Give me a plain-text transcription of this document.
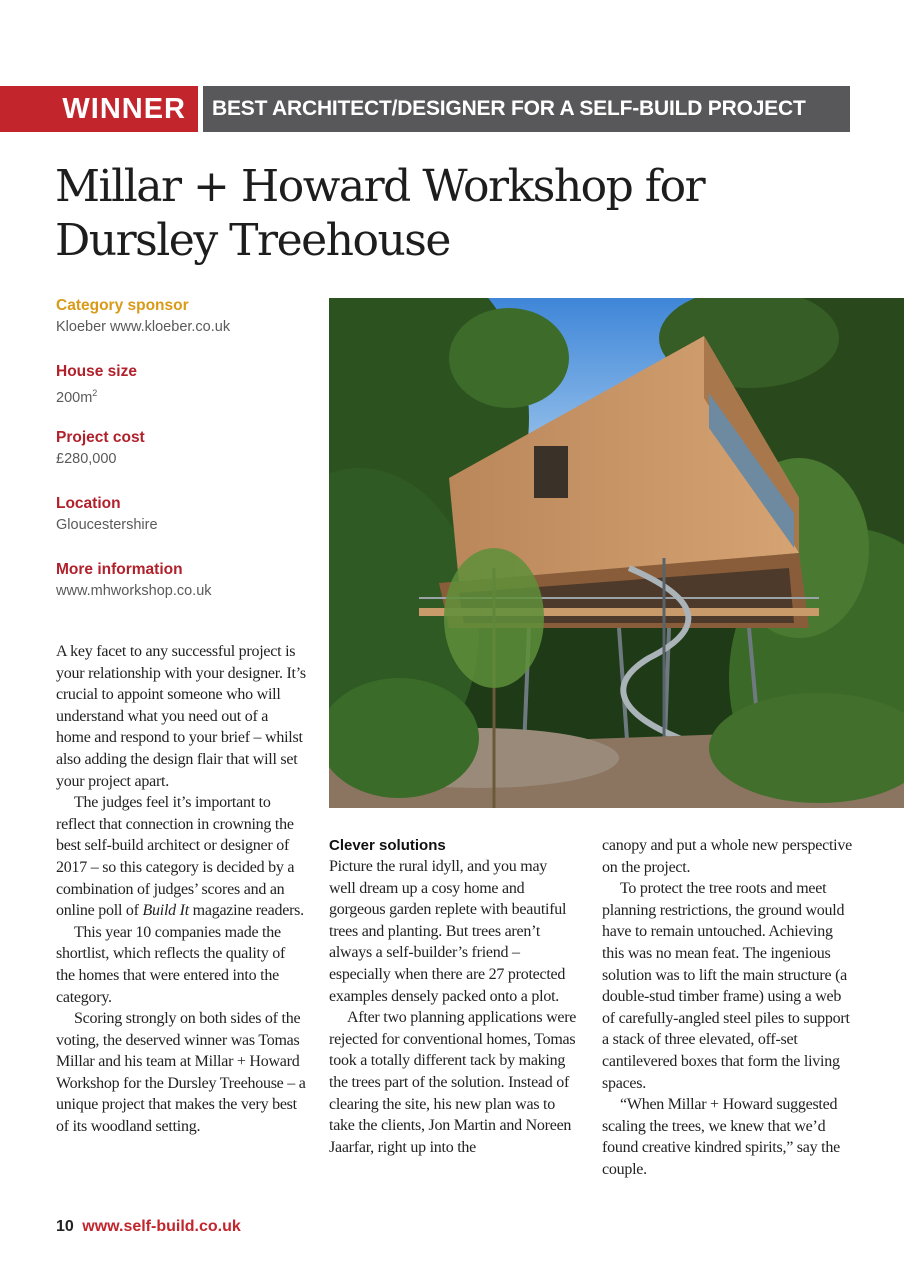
WINNER	BEST ARCHITECT/DESIGNER FOR A SELF-BUILD PROJECT
Millar + Howard Workshop for
Dursley Treehouse
Category sponsor
Kloeber www.kloeber.co.uk
House size
$200m^2$
Project cost
£280,000
Location
Gloucestershire
More information
www.mhworkshop.co.uk

A key facet to any successful project is your relationship with your designer. It’s crucial to appoint someone who will understand what you need out of a home and respond to your brief – whilst also adding the design flair that will set your project apart.

The judges feel it’s important to reflect that connection in crowning the best self-build architect or designer of 2017 – so this category is decided by a combination of judges’ scores and an online poll of Build It magazine readers.

This year 10 companies made the shortlist, which reflects the quality of the homes that were entered into the category.

Scoring strongly on both sides of the voting, the deserved winner was Tomas Millar and his team at Millar + Howard Workshop for the Dursley Treehouse – a unique project that makes the very best of its woodland setting.

Clever solutions

Picture the rural idyll, and you may well dream up a cosy home and gorgeous garden replete with beautiful trees and planting. But trees aren’t always a self-builder’s friend – especially when there are 27 protected examples densely packed onto a plot.

After two planning applications were rejected for conventional homes, Tomas took a totally different tack by making the trees part of the solution. Instead of clearing the site, his new plan was to take the clients, Jon Martin and Noreen Jaarfar, right up into the

canopy and put a whole new perspective on the project.

To protect the tree roots and meet planning restrictions, the ground would have to remain untouched. Achieving this was no mean feat. The ingenious solution was to lift the main structure (a double-stud timber frame) using a web of carefully-angled steel piles to support a stack of three elevated, off-set cantilevered boxes that form the living spaces.

“When Millar + Howard suggested scaling the trees, we knew that we’d found creative kindred spirits,” say the couple.

10 www.self-build.co.uk
